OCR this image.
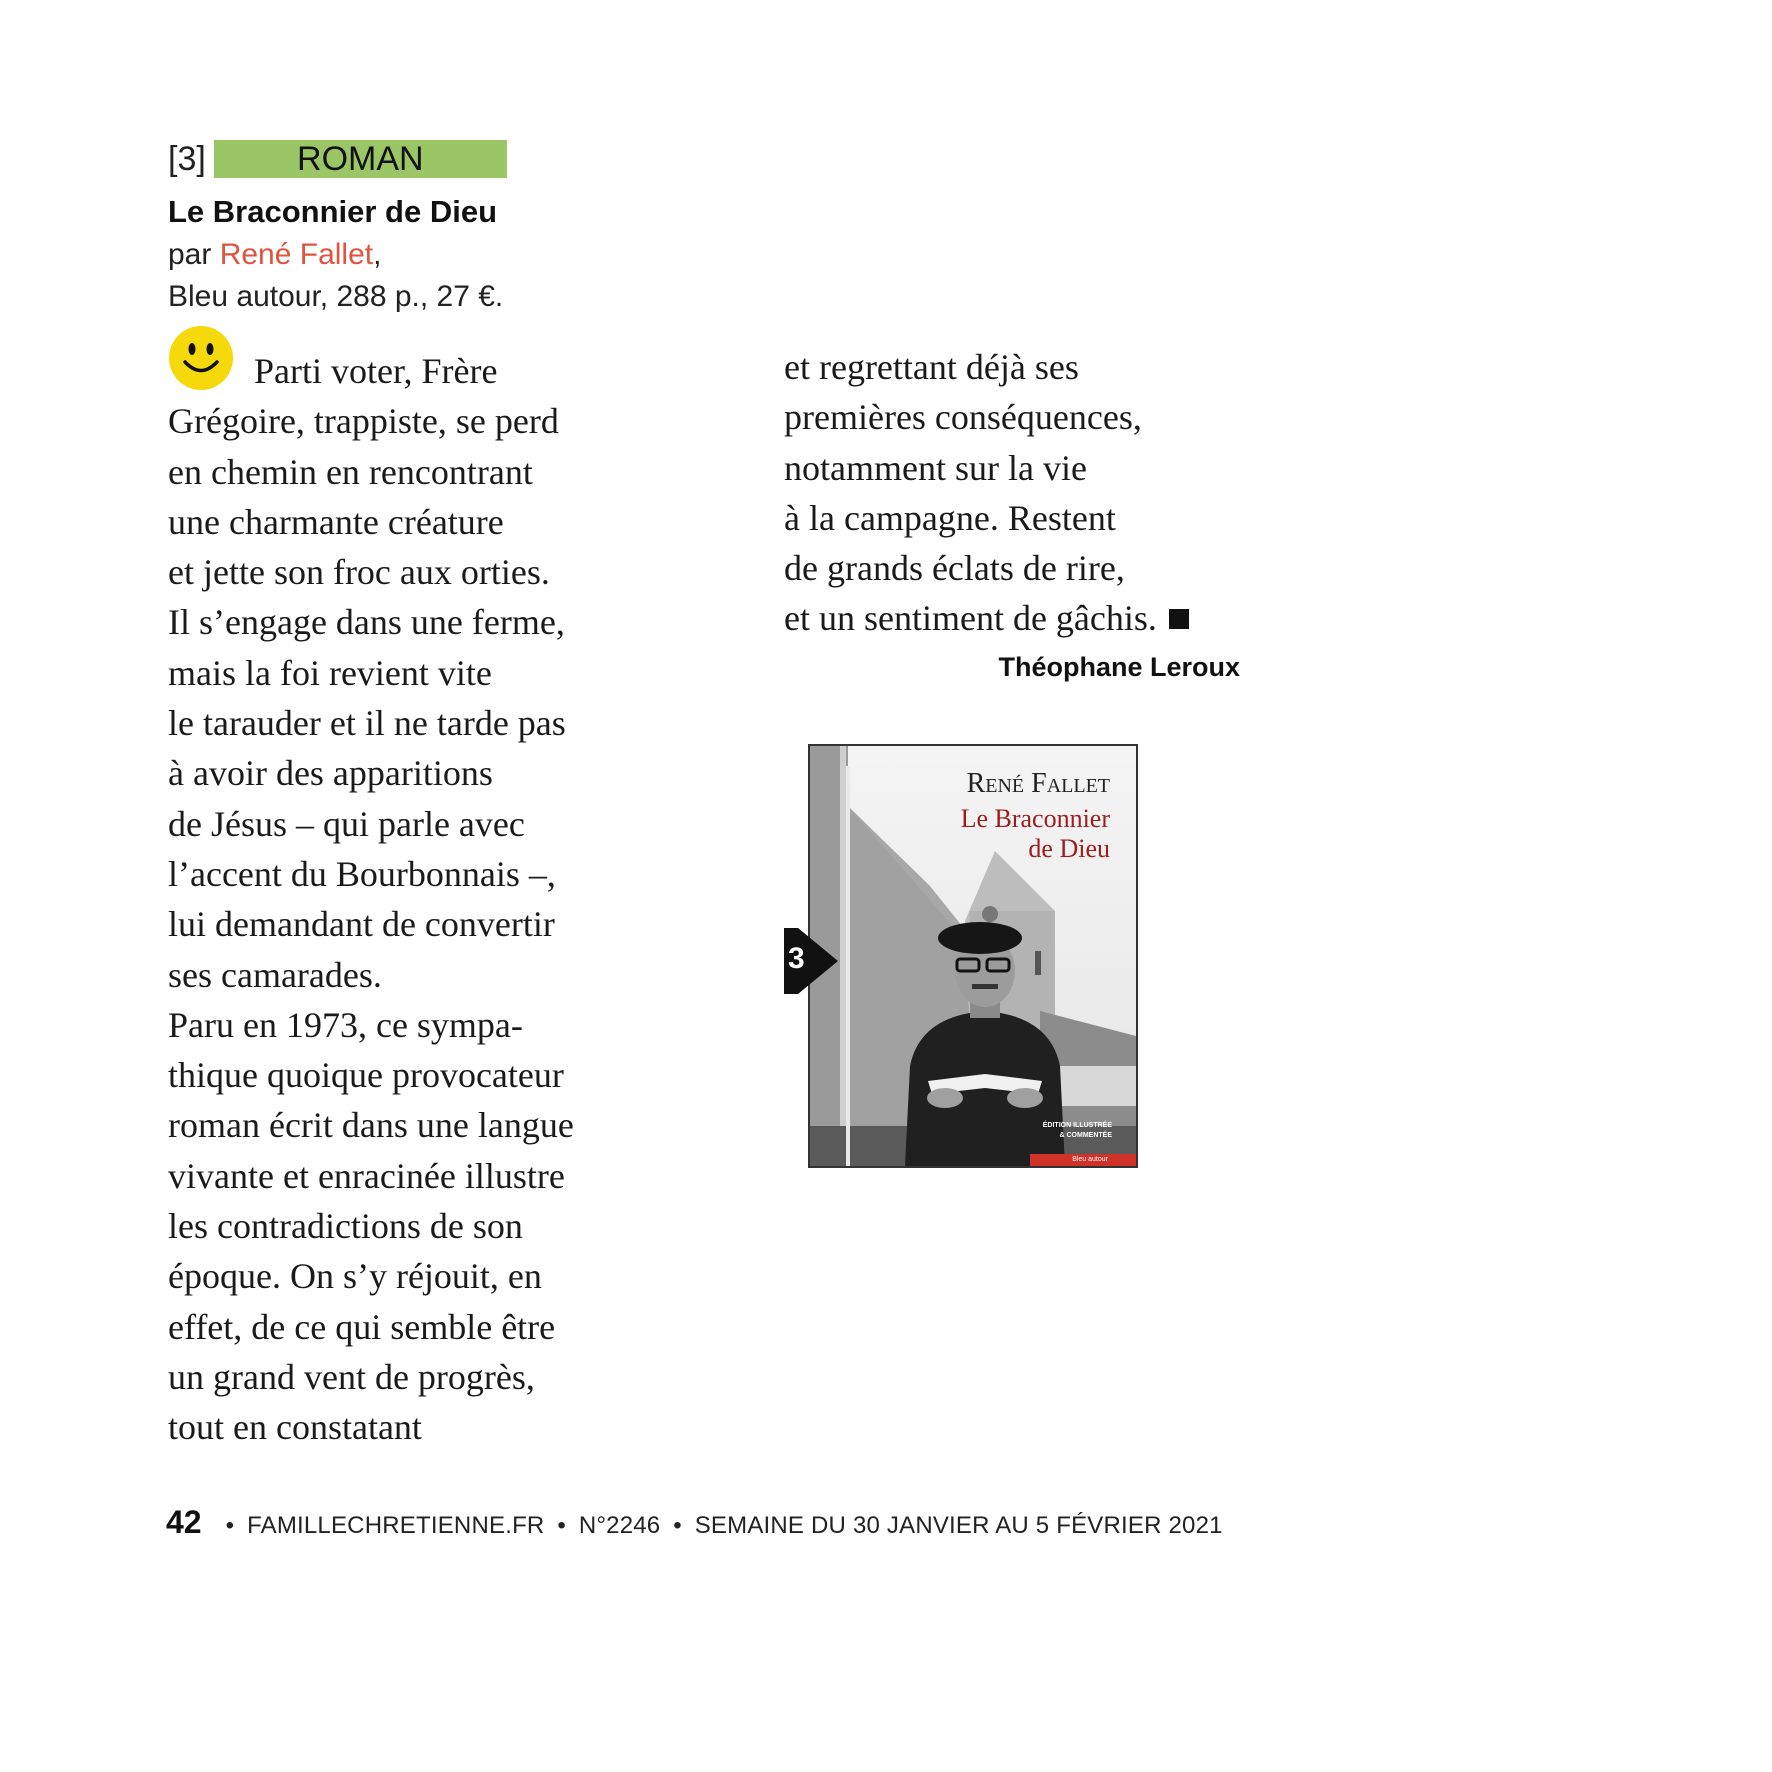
[3]	ROMAN
Le Braconnier de Dieu
par René Fallet,
Bleu autour, 288 p., 27 €.
Parti voter, Frère
Grégoire, trappiste, se perd
en chemin en rencontrant
une charmante créature
et jette son froc aux orties.
Il s’engage dans une ferme,
mais la foi revient vite
le tarauder et il ne tarde pas
à avoir des apparitions
de Jésus – qui parle avec
l’accent du Bourbonnais –,
lui demandant de convertir
ses camarades.
Paru en 1973, ce sympa-
thique quoique provocateur
roman écrit dans une langue
vivante et enracinée illustre
les contradictions de son
époque. On s’y réjouit, en
effet, de ce qui semble être
un grand vent de progrès,
tout en constatant
et regrettant déjà ses
premières conséquences,
notamment sur la vie
à la campagne. Restent
de grands éclats de rire,
et un sentiment de gâchis.
Théophane Leroux
René Fallet
Le Braconnier
de Dieu
ÉDITION ILLUSTRÉE
& COMMENTÉE
Bleu autour
3
42 • FAMILLECHRETIENNE.FR • N°2246 • SEMAINE DU 30 JANVIER AU 5 FÉVRIER 2021
